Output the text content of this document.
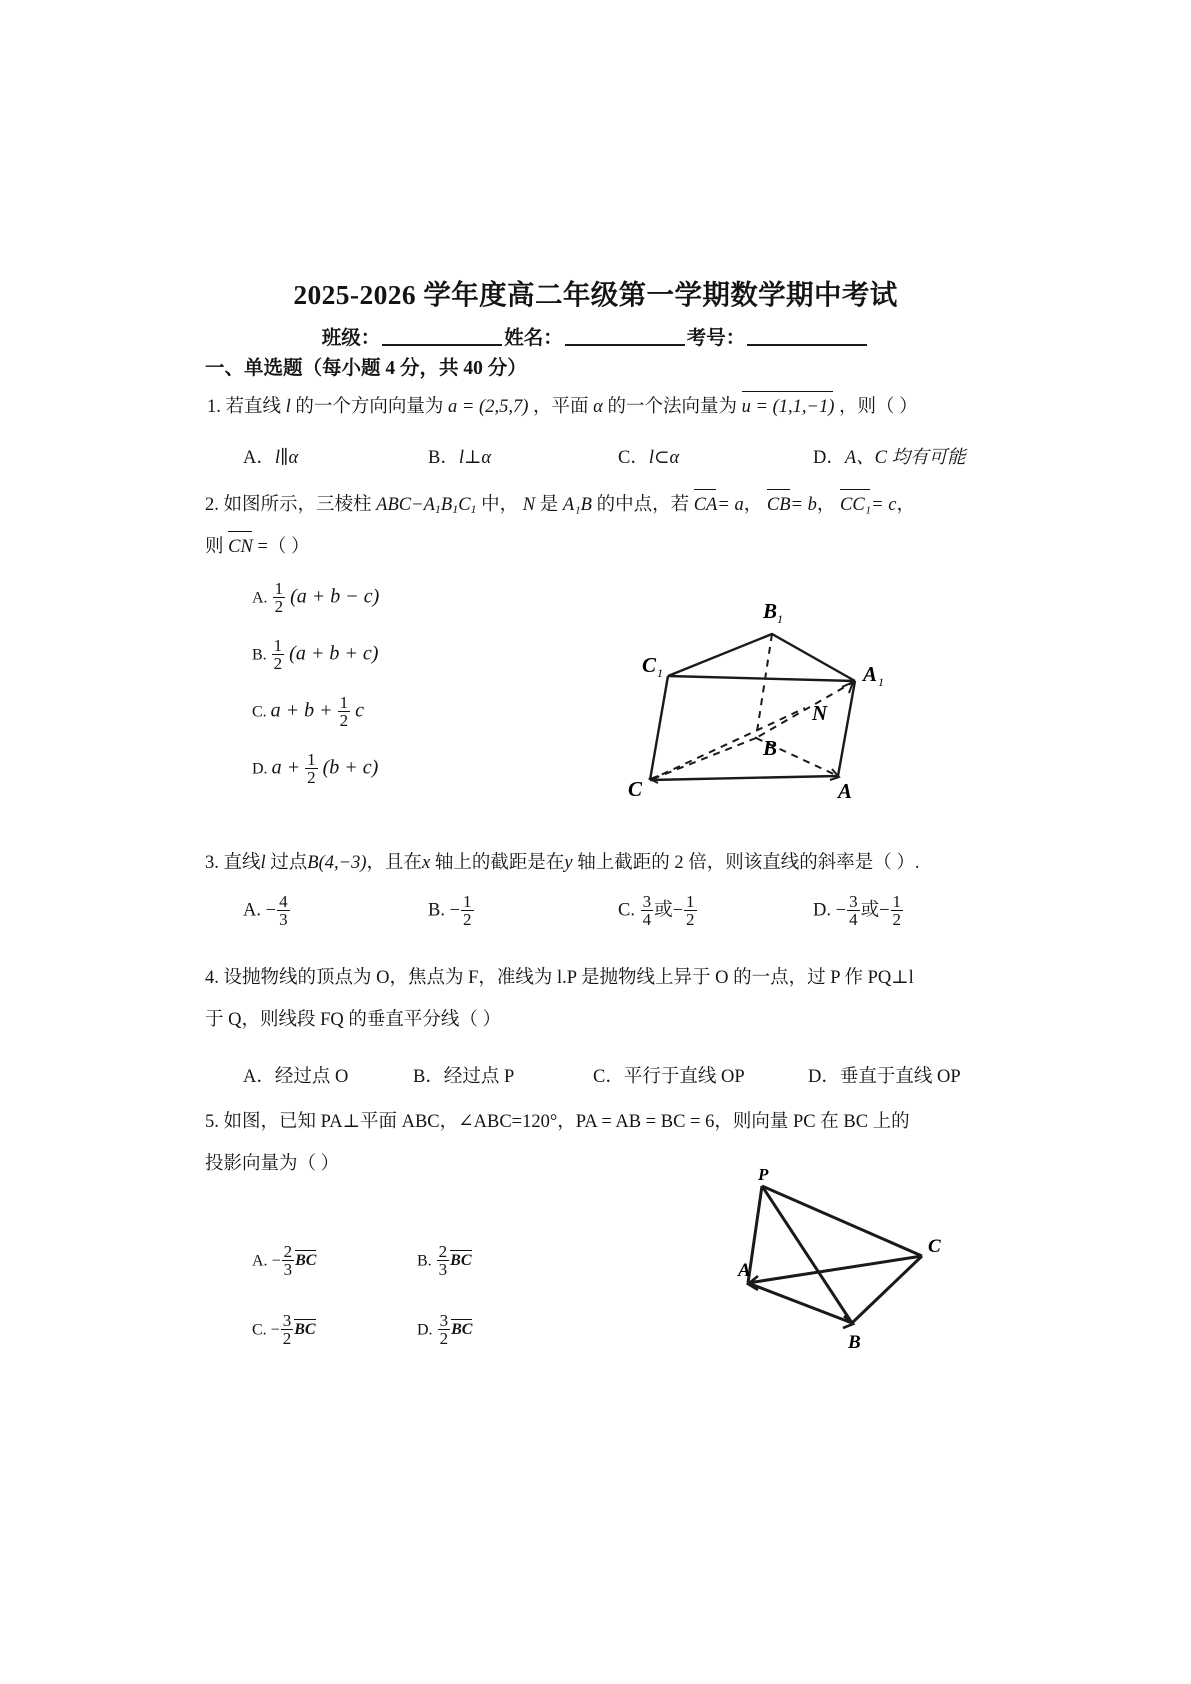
2025-2026 学年度高二年级第一学期数学期中考试
班级：	姓名：	考号：
一、单选题（每小题 4 分，共 40 分）
1. 若直线 l 的一个方向向量为 a = (2,5,7) ，平面 α 的一个法向量为 u = (1,1,−1) ，则（ ）
A．l∥α	B．l⊥α	C．l⊂α	D．A、C 均有可能
2. 如图所示，三棱柱 $ABC-A_1B_1C_1$ 中， N 是 A₁B 的中点，若 CA= a， CB= b， CC₁= c，
则 CN =（ ）
A. $\frac{1}{2} (a + b - c)$
B. $\frac{1}{2} (a + b + c)$
C. $a + b + \frac{1}{2}$ c
D. $a + \frac{1}{2} (b + c)$
B 1
C 1	A 1
N
B
C	A
3. 直线l 过点B(4,−3)，且在x 轴上的截距是在y 轴上截距的 2 倍，则该直线的斜率是（ ）.
A. − $\frac{4}{3}$	B. − $\frac{1}{2}$	C. $\frac{3}{4}$ 或− $\frac{1}{2}$	D. − $\frac{3}{4}$ 或− $\frac{1}{2}$
4. 设抛物线的顶点为 O，焦点为 F，准线为 l.P 是抛物线上异于 O 的一点，过 P 作 PQ⊥l
于 Q，则线段 FQ 的垂直平分线（ ）
A．经过点 O	B．经过点 P	C．平行于直线 OP	D．垂直于直线 OP
5. 如图，已知 PA⊥平面 ABC，∠ABC=120°，PA = AB = BC = 6，则向量 PC 在 BC 上的
投影向量为（ ）
A. − $\frac{2}{3}$ BC	B. $\frac{2}{3}$ BC
C. − $\frac{3}{2}$ BC	D. $\frac{3}{2}$ BC
P
C
A
B
